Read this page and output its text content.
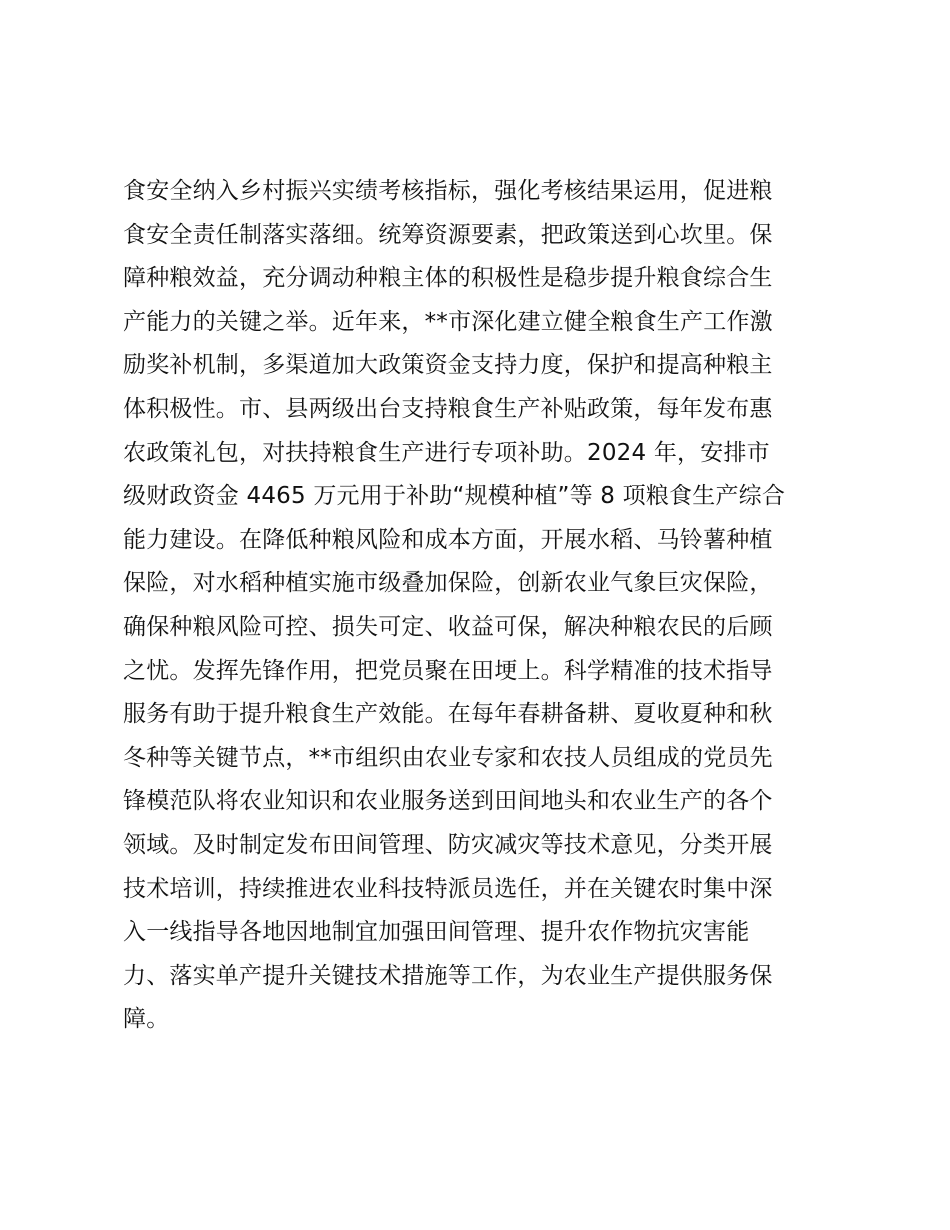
食安全纳入乡村振兴实绩考核指标，强化考核结果运用，促进粮
食安全责任制落实落细。统筹资源要素，把政策送到心坎里。保
障种粮效益，充分调动种粮主体的积极性是稳步提升粮食综合生
产能力的关键之举。近年来，**市深化建立健全粮食生产工作激
励奖补机制，多渠道加大政策资金支持力度，保护和提高种粮主
体积极性。市、县两级出台支持粮食生产补贴政策，每年发布惠
农政策礼包，对扶持粮食生产进行专项补助。2024 年，安排市
级财政资金 4465 万元用于补助“规模种植”等 8 项粮食生产综合
能力建设。在降低种粮风险和成本方面，开展水稻、马铃薯种植
保险，对水稻种植实施市级叠加保险，创新农业气象巨灾保险，
确保种粮风险可控、损失可定、收益可保，解决种粮农民的后顾
之忧。发挥先锋作用，把党员聚在田埂上。科学精准的技术指导
服务有助于提升粮食生产效能。在每年春耕备耕、夏收夏种和秋
冬种等关键节点，**市组织由农业专家和农技人员组成的党员先
锋模范队将农业知识和农业服务送到田间地头和农业生产的各个
领域。及时制定发布田间管理、防灾减灾等技术意见，分类开展
技术培训，持续推进农业科技特派员选任，并在关键农时集中深
入一线指导各地因地制宜加强田间管理、提升农作物抗灾害能
力、落实单产提升关键技术措施等工作，为农业生产提供服务保
障。
